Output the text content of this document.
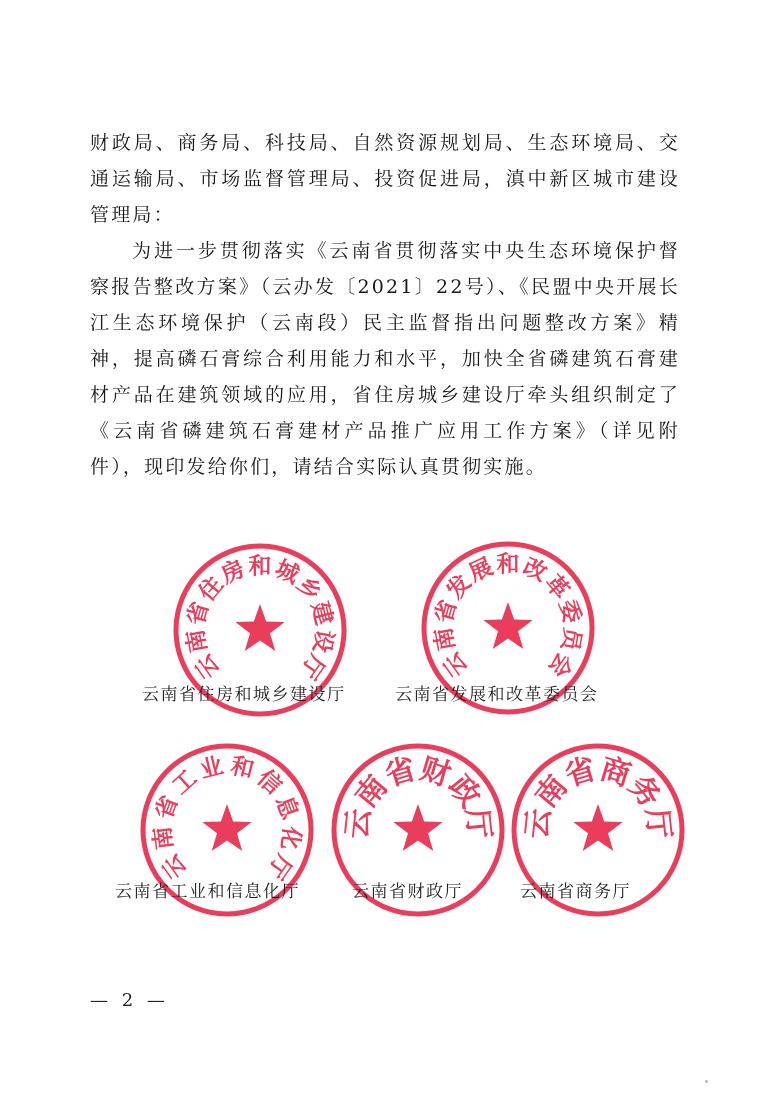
财政局、商务局、科技局、自然资源规划局、生态环境局、交通运输局、市场监督管理局、投资促进局，滇中新区城市建设管理局：

为进一步贯彻落实《云南省贯彻落实中央生态环境保护督察报告整改方案》（云办发〔2021〕22号）、《民盟中央开展长江生态环境保护（云南段）民主监督指出问题整改方案》精神，提高磷石膏综合利用能力和水平，加快全省磷建筑石膏建材产品在建筑领域的应用，省住房城乡建设厅牵头组织制定了《云南省磷建筑石膏建材产品推广应用工作方案》（详见附件），现印发给你们，请结合实际认真贯彻实施。

云
南
省
住
房 和 城
乡
建
设
厅	云
南
省
发
展 和 改
革
委
员
会
云
南
省
工
业 和
信
息
化
厅
云
南
省
财
政
厅 云
南
省
商
务
厅
云南省住房和城乡建设厅	云南省发展和改革委员会
云南省工业和信息化厅	云南省财政厅	云南省商务厅
— 2 —
